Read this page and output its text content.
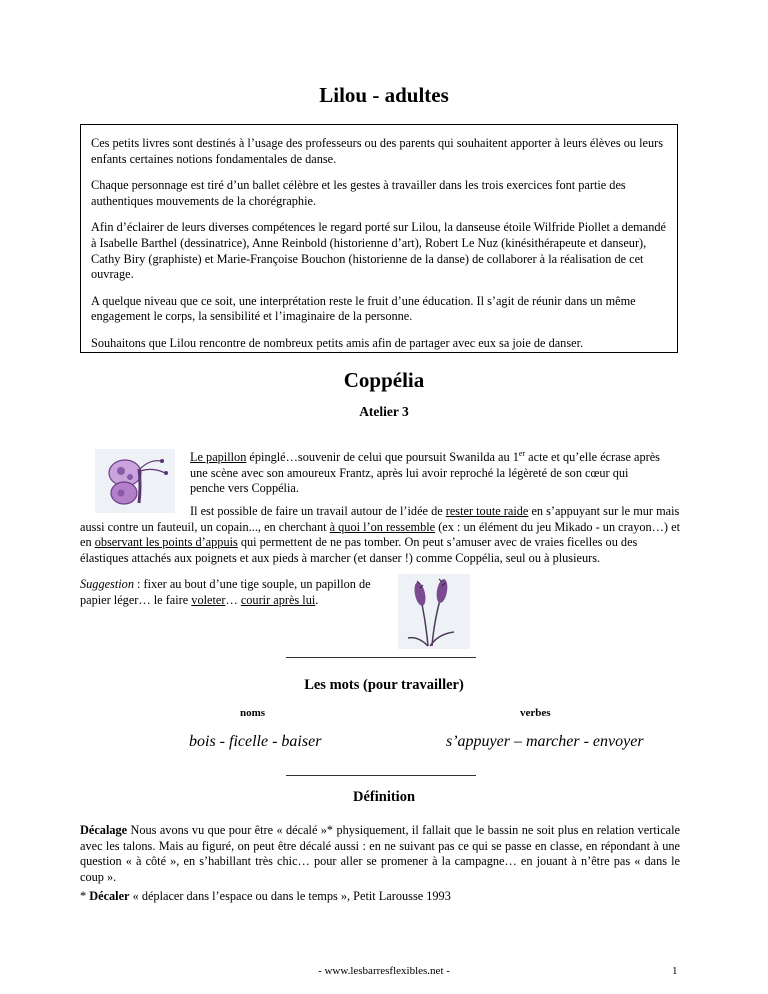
Lilou - adultes

Ces petits livres sont destinés à l’usage des professeurs ou des parents qui souhaitent apporter à leurs élèves ou leurs enfants certaines notions fondamentales de danse.

Chaque personnage est tiré d’un ballet célèbre et les gestes à travailler dans les trois exercices font partie des authentiques mouvements de la chorégraphie.

Afin d’éclairer de leurs diverses compétences le regard porté sur Lilou, la danseuse étoile Wilfride Piollet a demandé à Isabelle Barthel (dessinatrice), Anne Reinbold (historienne d’art), Robert Le Nuz (kinésithérapeute et danseur), Cathy Biry (graphiste) et Marie-Françoise Bouchon (historienne de la danse) de collaborer à la réalisation de cet ouvrage.

A quelque niveau que ce soit, une interprétation reste le fruit d’une éducation. Il s’agit de réunir dans un même engagement le corps, la sensibilité et l’imaginaire de la personne.

Souhaitons que Lilou rencontre de nombreux petits amis afin de partager avec eux sa joie de danser.

Coppélia
Atelier 3
Le papillon épinglé…souvenir de celui que poursuit Swanilda au 1er acte et qu’elle écrase après une scène avec son amoureux Frantz, après lui avoir reproché la légèreté de son cœur qui penche vers Coppélia.
Il est possible de faire un travail autour de l’idée de rester toute raide en s’appuyant sur le mur mais aussi contre un fauteuil, un copain..., en cherchant à quoi l’on ressemble (ex : un élément du jeu Mikado - un crayon…) et en observant les points d’appuis qui permettent de ne pas tomber. On peut s’amuser avec de vraies ficelles ou des élastiques attachés aux poignets et aux pieds à marcher (et danser !) comme Coppélia, seul ou à plusieurs.
Suggestion : fixer au bout d’une tige souple, un papillon de papier léger… le faire voleter… courir après lui.
Les mots (pour travailler)
noms	verbes
bois - ficelle - baiser	s’appuyer – marcher - envoyer
Définition
Décalage Nous avons vu que pour être « décalé »* physiquement, il fallait que le bassin ne soit plus en relation verticale avec les talons. Mais au figuré, on peut être décalé aussi : en ne suivant pas ce qui se passe en classe, en répondant à une question « à côté », en s’habillant très chic… pour aller se promener à la campagne… en jouant à n’être pas « dans le coup ».
* Décaler « déplacer dans l’espace ou dans le temps », Petit Larousse 1993
- www.lesbarresflexibles.net -	1
